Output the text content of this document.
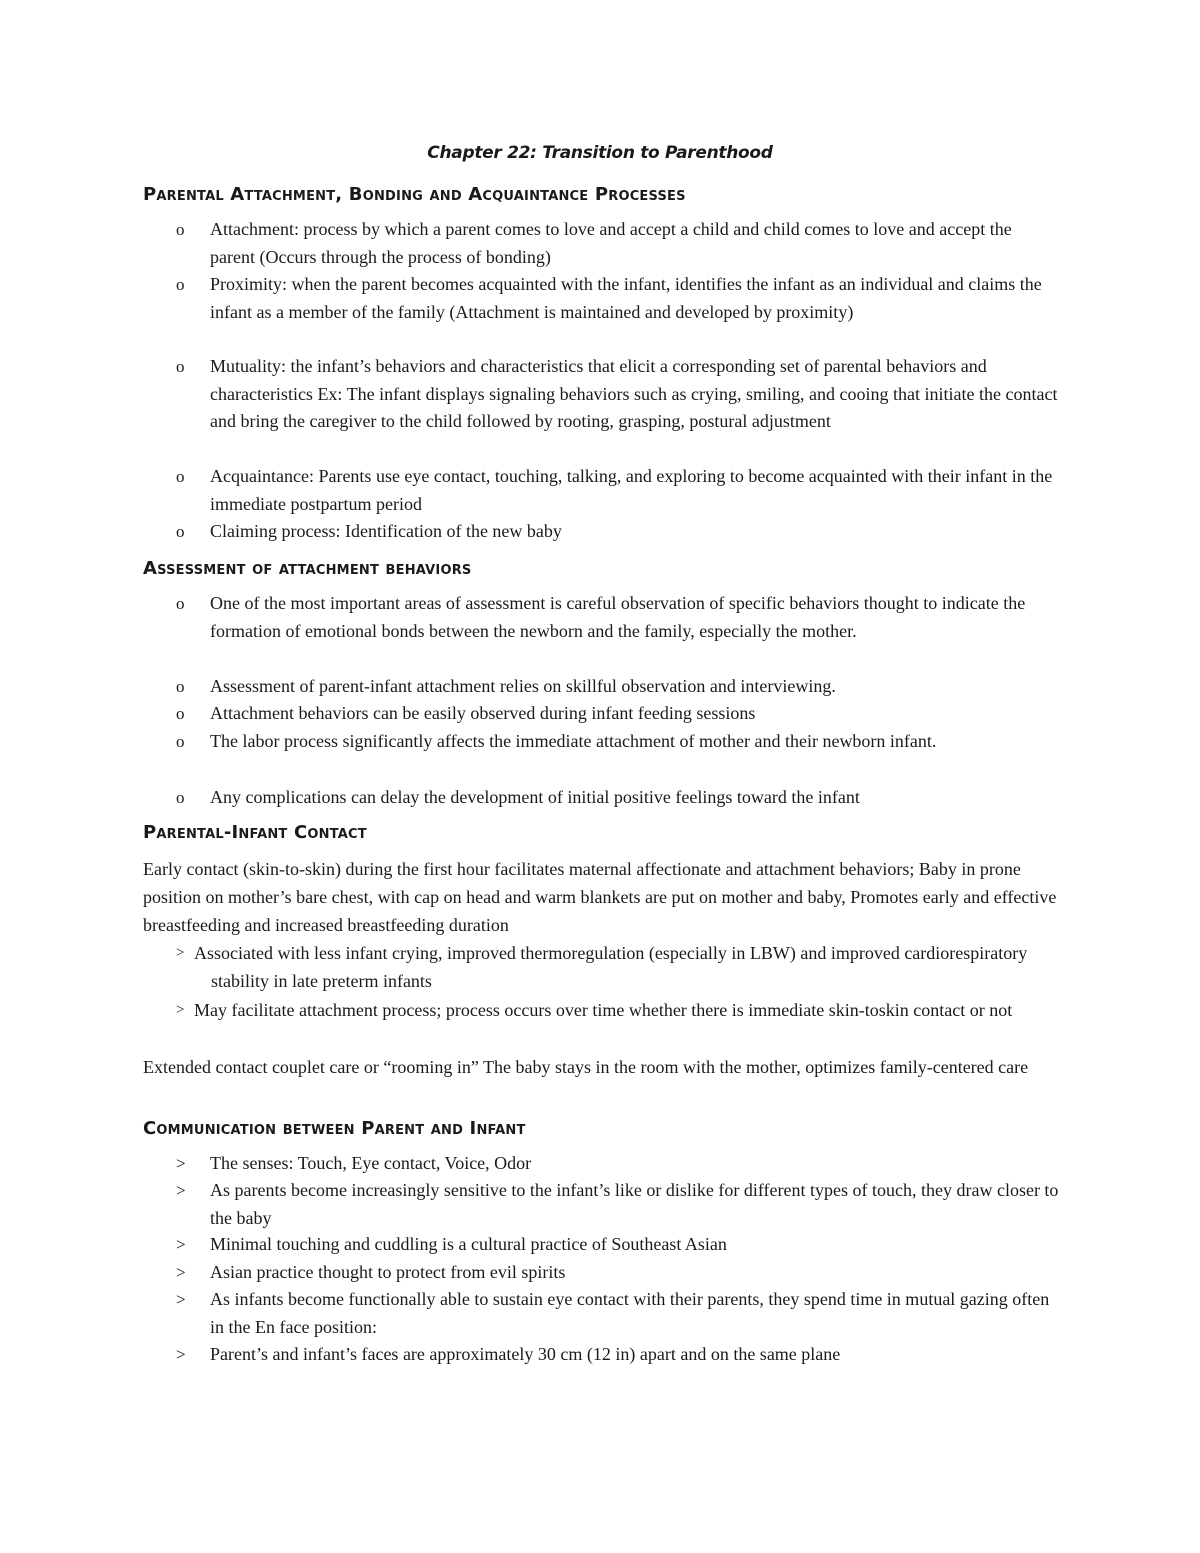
Chapter 22: Transition to Parenthood
Parental Attachment, Bonding and Acquaintance Processes
o Attachment: process by which a parent comes to love and accept a child and child comes to love and accept the parent (Occurs through the process of bonding)
o Proximity: when the parent becomes acquainted with the infant, identifies the infant as an individual and claims the infant as a member of the family (Attachment is maintained and developed by proximity)
o Mutuality: the infant’s behaviors and characteristics that elicit a corresponding set of parental behaviors and characteristics Ex: The infant displays signaling behaviors such as crying, smiling, and cooing that initiate the contact and bring the caregiver to the child followed by rooting, grasping, postural adjustment
o Acquaintance: Parents use eye contact, touching, talking, and exploring to become acquainted with their infant in the immediate postpartum period
o Claiming process: Identification of the new baby
Assessment of attachment behaviors
o One of the most important areas of assessment is careful observation of specific behaviors thought to indicate the formation of emotional bonds between the newborn and the family, especially the mother.
o Assessment of parent-infant attachment relies on skillful observation and interviewing.
o Attachment behaviors can be easily observed during infant feeding sessions
o The labor process significantly affects the immediate attachment of mother and their newborn infant.
o Any complications can delay the development of initial positive feelings toward the infant
Parental-Infant Contact

Early contact (skin-to-skin) during the first hour facilitates maternal affectionate and attachment behaviors; Baby in prone position on mother’s bare chest, with cap on head and warm blankets are put on mother and baby, Promotes early and effective breastfeeding and increased breastfeeding duration

> Associated with less infant crying, improved thermoregulation (especially in LBW) and improved cardiorespiratory stability in late preterm infants
> May facilitate attachment process; process occurs over time whether there is immediate skin-toskin contact or not

Extended contact couplet care or “rooming in” The baby stays in the room with the mother, optimizes family-centered care

Communication between Parent and Infant
> The senses: Touch, Eye contact, Voice, Odor
> As parents become increasingly sensitive to the infant’s like or dislike for different types of touch, they draw closer to the baby
> Minimal touching and cuddling is a cultural practice of Southeast Asian
> Asian practice thought to protect from evil spirits
> As infants become functionally able to sustain eye contact with their parents, they spend time in mutual gazing often in the En face position:
> Parent’s and infant’s faces are approximately 30 cm (12 in) apart and on the same plane
